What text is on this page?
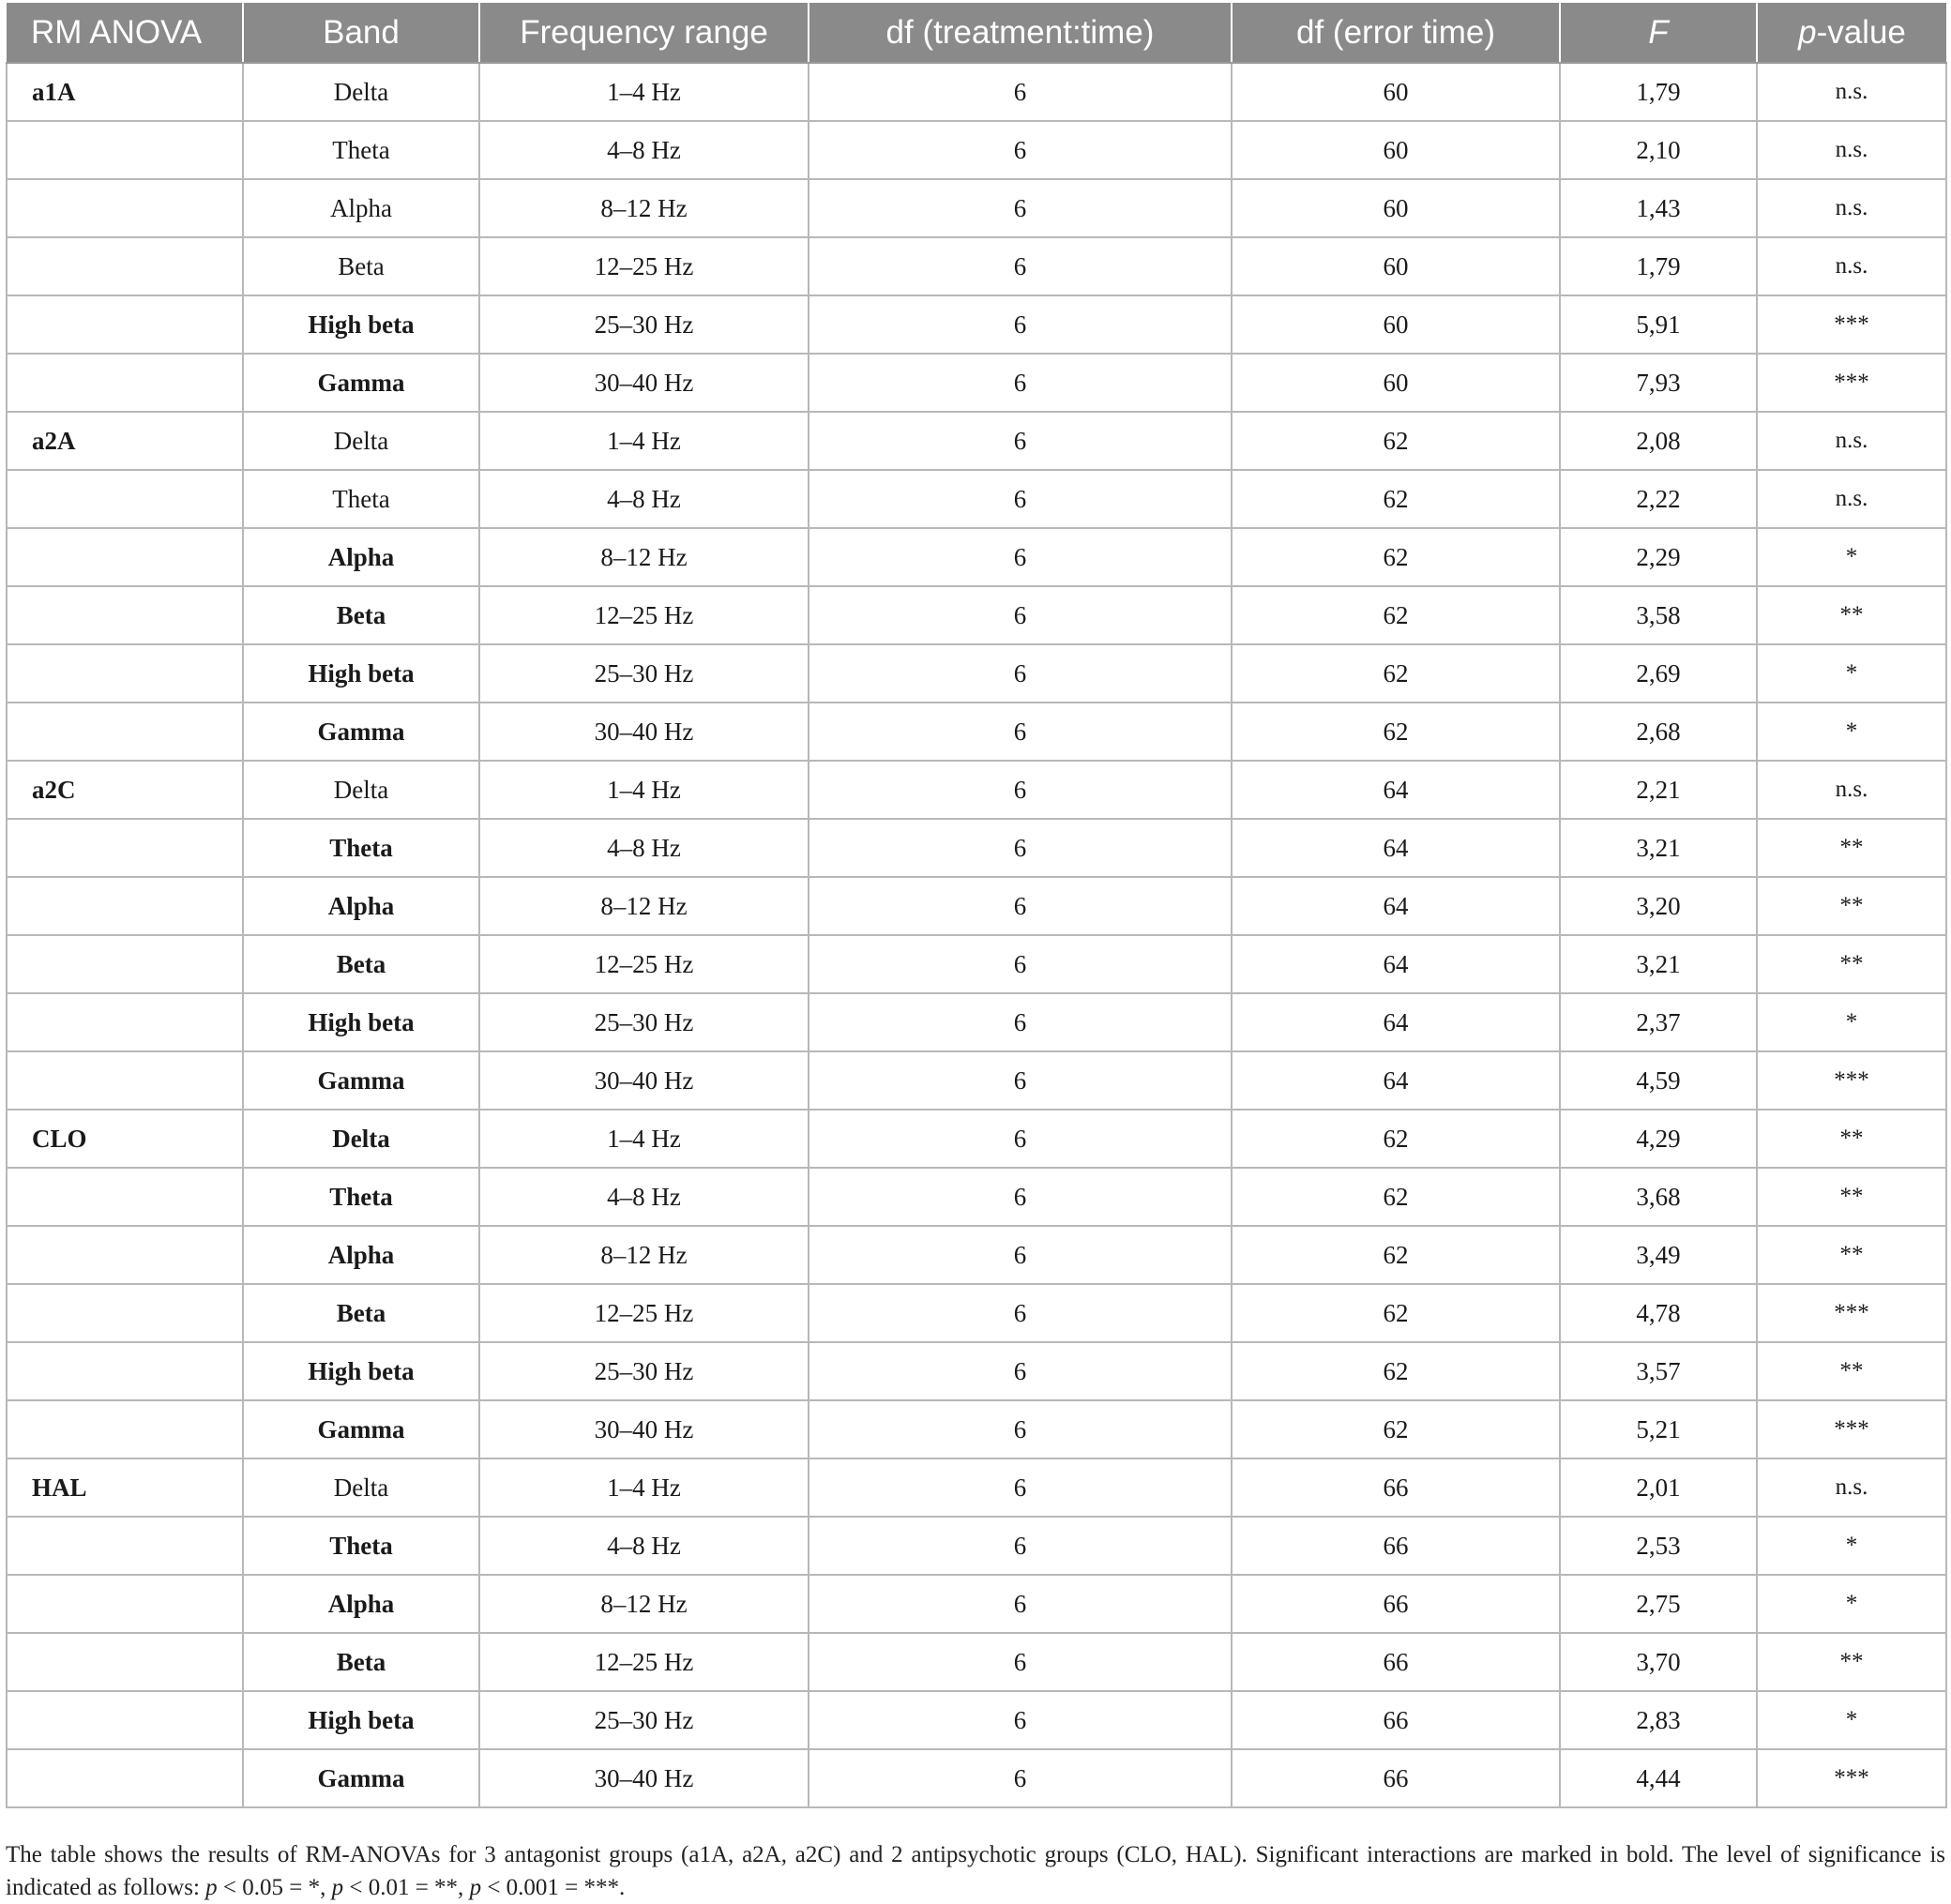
RM ANOVA	Band	Frequency range	df (treatment:time)	df (error time)	F	p-value
a1A	Delta	1–4 Hz	6	60	1,79	n.s.
	Theta	4–8 Hz	6	60	2,10	n.s.
	Alpha	8–12 Hz	6	60	1,43	n.s.
	Beta	12–25 Hz	6	60	1,79	n.s.
	High beta	25–30 Hz	6	60	5,91	***
	Gamma	30–40 Hz	6	60	7,93	***
a2A	Delta	1–4 Hz	6	62	2,08	n.s.
	Theta	4–8 Hz	6	62	2,22	n.s.
	Alpha	8–12 Hz	6	62	2,29	*
	Beta	12–25 Hz	6	62	3,58	**
	High beta	25–30 Hz	6	62	2,69	*
	Gamma	30–40 Hz	6	62	2,68	*
a2C	Delta	1–4 Hz	6	64	2,21	n.s.
	Theta	4–8 Hz	6	64	3,21	**
	Alpha	8–12 Hz	6	64	3,20	**
	Beta	12–25 Hz	6	64	3,21	**
	High beta	25–30 Hz	6	64	2,37	*
	Gamma	30–40 Hz	6	64	4,59	***
CLO	Delta	1–4 Hz	6	62	4,29	**
	Theta	4–8 Hz	6	62	3,68	**
	Alpha	8–12 Hz	6	62	3,49	**
	Beta	12–25 Hz	6	62	4,78	***
	High beta	25–30 Hz	6	62	3,57	**
	Gamma	30–40 Hz	6	62	5,21	***
HAL	Delta	1–4 Hz	6	66	2,01	n.s.
	Theta	4–8 Hz	6	66	2,53	*
	Alpha	8–12 Hz	6	66	2,75	*
	Beta	12–25 Hz	6	66	3,70	**
	High beta	25–30 Hz	6	66	2,83	*
	Gamma	30–40 Hz	6	66	4,44	***
The table shows the results of RM-ANOVAs for 3 antagonist groups (a1A, a2A, a2C) and 2 antipsychotic groups (CLO, HAL). Significant interactions are marked in bold. The level of significance is indicated as follows: p < 0.05 = *, p < 0.01 = **, p < 0.001 = ***.
